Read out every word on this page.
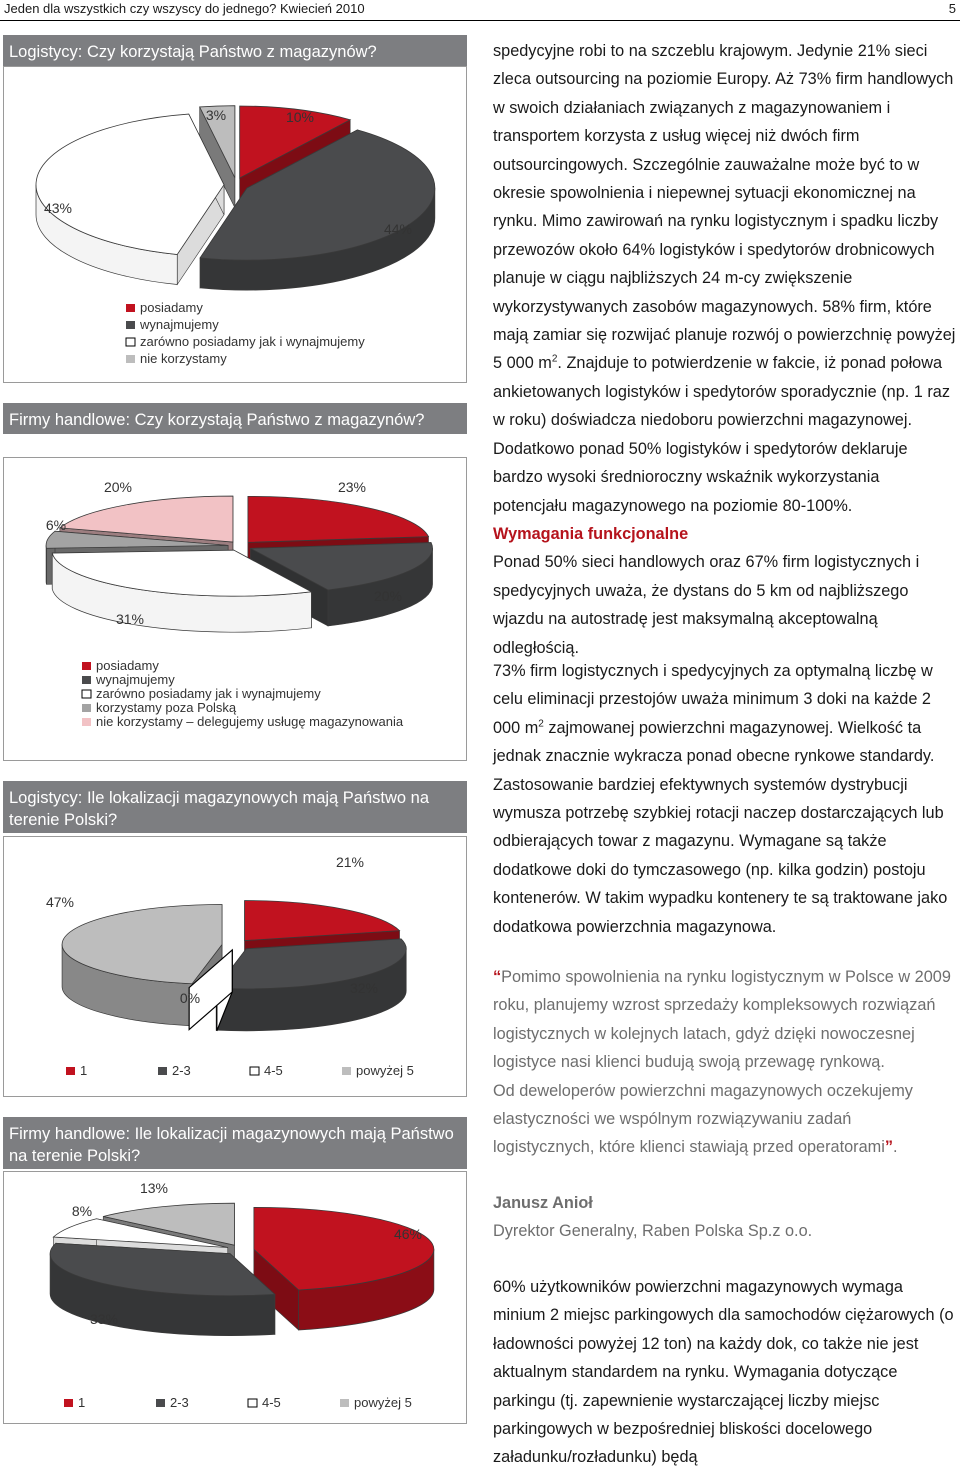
Jeden dla wszystkich czy wszyscy do jednego? Kwiecień 2010	5
Logistycy: Czy korzystają Państwo z magazynów?
10%
44%
43%
3%
posiadamy
wynajmujemy
zarówno posiadamy jak i wynajmujemy
nie korzystamy
Firmy handlowe: Czy korzystają Państwo z magazynów?
23%
20%
31%
6%
20%
posiadamy
wynajmujemy
zarówno posiadamy jak i wynajmujemy
korzystamy poza Polską
nie korzystamy – delegujemy usługę magazynowania
Logistycy: Ile lokalizacji magazynowych mają Państwo na terenie Polski?
21%
32%
0%
47%
1	2-3	4-5	powyżej 5
Firmy handlowe: Ile lokalizacji magazynowych mają Państwo na terenie Polski?
46%
33%
8%
13%
1	2-3	4-5	powyżej 5

spedycyjne robi to na szczeblu krajowym. Jedynie 21% sieci zleca outsourcing na poziomie Europy. Aż 73% firm handlowych w swoich działaniach związanych z magazynowaniem i transportem korzysta z usług więcej niż dwóch firm outsourcingowych. Szczególnie zauważalne może być to w okresie spowolnienia i niepewnej sytuacji ekonomicznej na rynku. Mimo zawirowań na rynku logistycznym i spadku liczby przewozów około 64% logistyków i spedytorów drobnicowych planuje w ciągu najbliższych 24 m-cy zwiększenie wykorzystywanych zasobów magazynowych. 58% firm, które mają zamiar się rozwijać planuje rozwój o powierzchnię powyżej 5 000 $m^2$. Znajduje to potwierdzenie w fakcie, iż ponad połowa ankietowanych logistyków i spedytorów sporadycznie (np. 1 raz w roku) doświadcza niedoboru powierzchni magazynowej. Dodatkowo ponad 50% logistyków i spedytorów deklaruje bardzo wysoki średnioroczny wskaźnik wykorzystania potencjału magazynowego na poziomie 80-100%.

Wymagania funkcjonalne

Ponad 50% sieci handlowych oraz 67% firm logistycznych i spedycyjnych uważa, że dystans do 5 km od najbliższego wjazdu na autostradę jest maksymalną akceptowalną odległością.

73% firm logistycznych i spedycyjnych za optymalną liczbę w celu eliminacji przestojów uważa minimum 3 doki na każde 2 000 $m^2$ zajmowanej powierzchni magazynowej. Wielkość ta jednak znacznie wykracza ponad obecne rynkowe standardy. Zastosowanie bardziej efektywnych systemów dystrybucji wymusza potrzebę szybkiej rotacji naczep dostarczających lub odbierających towar z magazynu. Wymagane są także dodatkowe doki do tymczasowego (np. kilka godzin) postoju kontenerów. W takim wypadku kontenery te są traktowane jako dodatkowa powierzchnia magazynowa.

“Pomimo spowolnienia na rynku logistycznym w Polsce w 2009 roku, planujemy wzrost sprzedaży kompleksowych rozwiązań logistycznych w kolejnych latach, gdyż dzięki nowoczesnej logistyce nasi klienci budują swoją przewagę rynkową.

Od deweloperów powierzchni magazynowych oczekujemy elastyczności we wspólnym rozwiązywaniu zadań logistycznych, które klienci stawiają przed operatorami”.

Janusz Anioł

Dyrektor Generalny, Raben Polska Sp.z o.o.

60% użytkowników powierzchni magazynowych wymaga minium 2 miejsc parkingowych dla samochodów ciężarowych (o ładowności powyżej 12 ton) na każdy dok, co także nie jest aktualnym standardem na rynku. Wymagania dotyczące parkingu (tj. zapewnienie wystarczającej liczby miejsc parkingowych w bezpośredniej bliskości docelowego załadunku/rozładunku) będą
